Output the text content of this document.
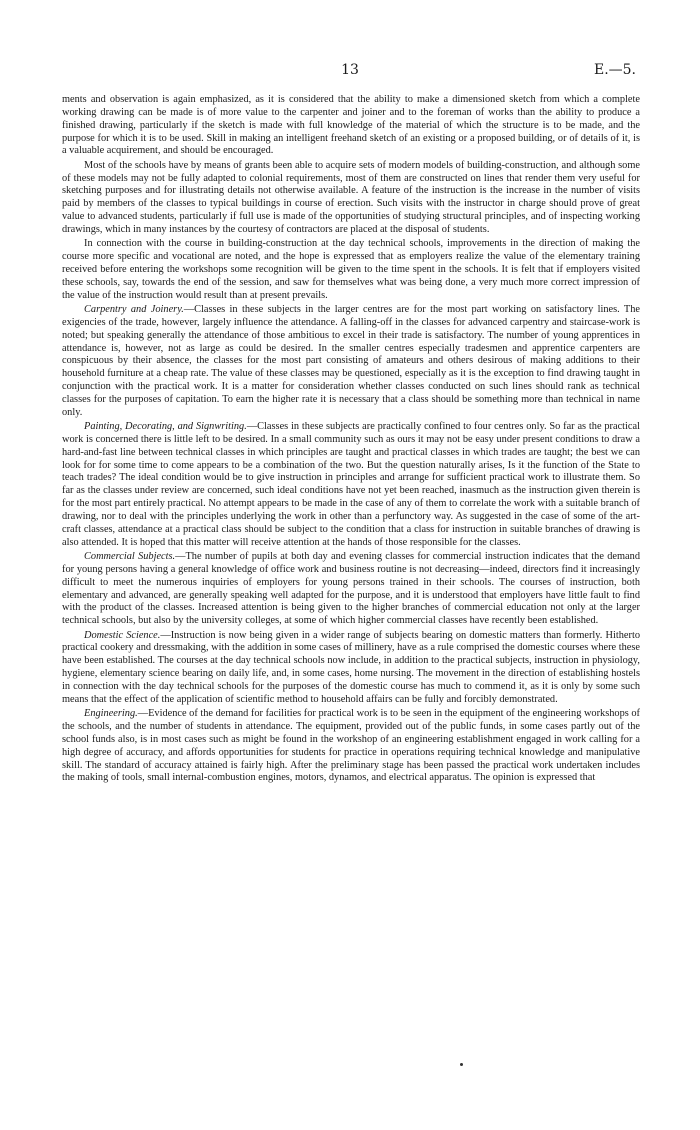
13	E.—5.

ments and observation is again emphasized, as it is considered that the ability to make a dimensioned sketch from which a complete working drawing can be made is of more value to the carpenter and joiner and to the foreman of works than the ability to produce a finished drawing, particularly if the sketch is made with full knowledge of the material of which the structure is to be made, and the purpose for which it is to be used. Skill in making an intelligent freehand sketch of an existing or a proposed building, or of details of it, is a valuable acquirement, and should be encouraged.

Most of the schools have by means of grants been able to acquire sets of modern models of building-construction, and although some of these models may not be fully adapted to colonial requirements, most of them are constructed on lines that render them very useful for sketching purposes and for illustrating details not otherwise available. A feature of the instruction is the increase in the number of visits paid by members of the classes to typical buildings in course of erection. Such visits with the instructor in charge should prove of great value to advanced students, particularly if full use is made of the opportunities of studying structural principles, and of inspecting working drawings, which in many instances by the courtesy of contractors are placed at the disposal of students.

In connection with the course in building-construction at the day technical schools, improvements in the direction of making the course more specific and vocational are noted, and the hope is expressed that as employers realize the value of the elementary training received before entering the workshops some recognition will be given to the time spent in the schools. It is felt that if employers visited these schools, say, towards the end of the session, and saw for themselves what was being done, a very much more correct impression of the value of the instruction would result than at present prevails.

Carpentry and Joinery.—Classes in these subjects in the larger centres are for the most part working on satisfactory lines. The exigencies of the trade, however, largely influence the attendance. A falling-off in the classes for advanced carpentry and staircase-work is noted; but speaking generally the attendance of those ambitious to excel in their trade is satisfactory. The number of young apprentices in attendance is, however, not as large as could be desired. In the smaller centres especially tradesmen and apprentice carpenters are conspicuous by their absence, the classes for the most part consisting of amateurs and others desirous of making additions to their household furniture at a cheap rate. The value of these classes may be questioned, especially as it is the exception to find drawing taught in conjunction with the practical work. It is a matter for consideration whether classes conducted on such lines should rank as technical classes for the purposes of capitation. To earn the higher rate it is necessary that a class should be something more than technical in name only.

Painting, Decorating, and Signwriting.—Classes in these subjects are practically confined to four centres only. So far as the practical work is concerned there is little left to be desired. In a small community such as ours it may not be easy under present conditions to draw a hard-and-fast line between technical classes in which principles are taught and practical classes in which trades are taught; the best we can look for for some time to come appears to be a combination of the two. But the question naturally arises, Is it the function of the State to teach trades? The ideal condition would be to give instruction in principles and arrange for sufficient practical work to illustrate them. So far as the classes under review are concerned, such ideal conditions have not yet been reached, inasmuch as the instruction given therein is for the most part entirely practical. No attempt appears to be made in the case of any of them to correlate the work with a suitable branch of drawing, nor to deal with the principles underlying the work in other than a perfunctory way. As suggested in the case of some of the art-craft classes, attendance at a practical class should be subject to the condition that a class for instruction in suitable branches of drawing is also attended. It is hoped that this matter will receive attention at the hands of those responsible for the classes.

Commercial Subjects.—The number of pupils at both day and evening classes for commercial instruction indicates that the demand for young persons having a general knowledge of office work and business routine is not decreasing—indeed, directors find it increasingly difficult to meet the numerous inquiries of employers for young persons trained in their schools. The courses of instruction, both elementary and advanced, are generally speaking well adapted for the purpose, and it is understood that employers have little fault to find with the product of the classes. Increased attention is being given to the higher branches of commercial education not only at the larger technical schools, but also by the university colleges, at some of which higher commercial classes have recently been established.

Domestic Science.—Instruction is now being given in a wider range of subjects bearing on domestic matters than formerly. Hitherto practical cookery and dressmaking, with the addition in some cases of millinery, have as a rule comprised the domestic courses where these have been established. The courses at the day technical schools now include, in addition to the practical subjects, instruction in physiology, hygiene, elementary science bearing on daily life, and, in some cases, home nursing. The movement in the direction of establishing hostels in connection with the day technical schools for the purposes of the domestic course has much to commend it, as it is only by some such means that the effect of the application of scientific method to household affairs can be fully and forcibly demonstrated.

Engineering.—Evidence of the demand for facilities for practical work is to be seen in the equipment of the engineering workshops of the schools, and the number of students in attendance. The equipment, provided out of the public funds, in some cases partly out of the school funds also, is in most cases such as might be found in the workshop of an engineering establishment engaged in work calling for a high degree of accuracy, and affords opportunities for students for practice in operations requiring technical knowledge and manipulative skill. The standard of accuracy attained is fairly high. After the preliminary stage has been passed the practical work undertaken includes the making of tools, small internal-combustion engines, motors, dynamos, and electrical apparatus. The opinion is expressed that
